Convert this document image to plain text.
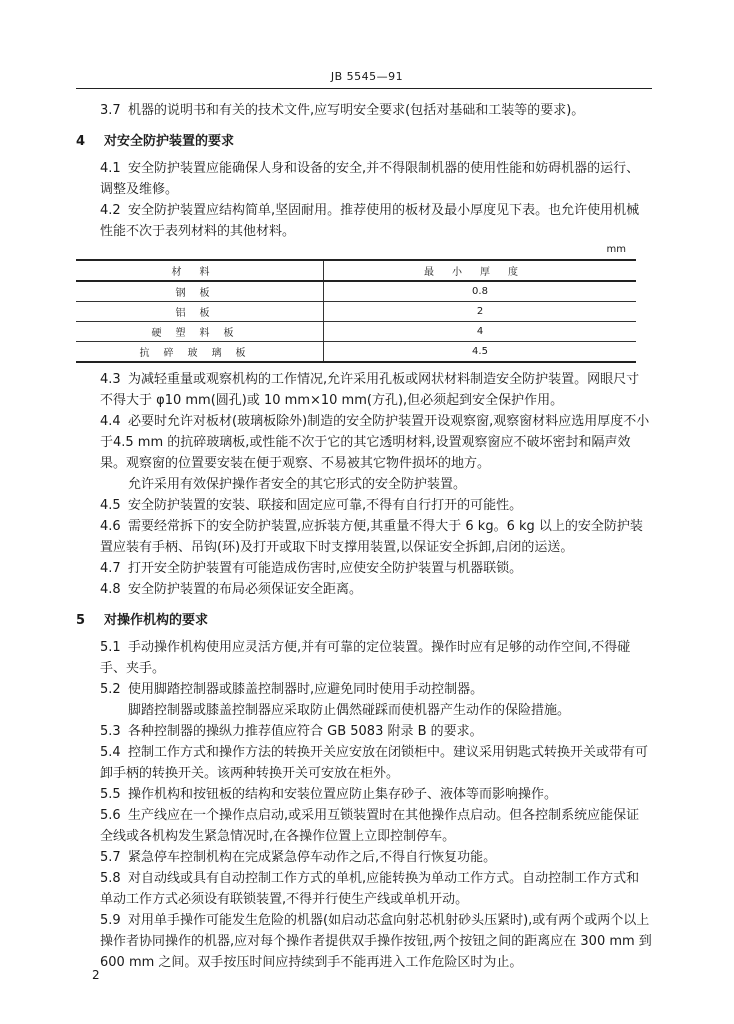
JB 5545—91

3.7 机器的说明书和有关的技术文件,应写明安全要求(包括对基础和工装等的要求)。

4 对安全防护装置的要求

4.1 安全防护装置应能确保人身和设备的安全,并不得限制机器的使用性能和妨碍机器的运行、调整及维修。

4.2 安全防护装置应结构简单,坚固耐用。推荐使用的板材及最小厚度见下表。也允许使用机械性能不次于表列材料的其他材料。

mm
材料	最小厚度
钢板	0.8
铝板	2
硬塑料板	4
抗碎玻璃板	4.5

4.3 为减轻重量或观察机构的工作情况,允许采用孔板或网状材料制造安全防护装置。网眼尺寸不得大于 φ10 mm(圆孔)或 10 mm×10 mm(方孔),但必须起到安全保护作用。

4.4 必要时允许对板材(玻璃板除外)制造的安全防护装置开设观察窗,观察窗材料应选用厚度不小于4.5 mm 的抗碎玻璃板,或性能不次于它的其它透明材料,设置观察窗应不破坏密封和隔声效果。观察窗的位置要安装在便于观察、不易被其它物件损坏的地方。

允许采用有效保护操作者安全的其它形式的安全防护装置。

4.5 安全防护装置的安装、联接和固定应可靠,不得有自行打开的可能性。

4.6 需要经常拆下的安全防护装置,应拆装方便,其重量不得大于 6 kg。6 kg 以上的安全防护装置应装有手柄、吊钩(环)及打开或取下时支撑用装置,以保证安全拆卸,启闭的运送。

4.7 打开安全防护装置有可能造成伤害时,应使安全防护装置与机器联锁。

4.8 安全防护装置的布局必须保证安全距离。

5 对操作机构的要求

5.1 手动操作机构使用应灵活方便,并有可靠的定位装置。操作时应有足够的动作空间,不得碰手、夹手。

5.2 使用脚踏控制器或膝盖控制器时,应避免同时使用手动控制器。

脚踏控制器或膝盖控制器应采取防止偶然碰踩而使机器产生动作的保险措施。

5.3 各种控制器的操纵力推荐值应符合 GB 5083 附录 B 的要求。

5.4 控制工作方式和操作方法的转换开关应安放在闭锁柜中。建议采用钥匙式转换开关或带有可卸手柄的转换开关。该两种转换开关可安放在柜外。

5.5 操作机构和按钮板的结构和安装位置应防止集存砂子、液体等而影响操作。

5.6 生产线应在一个操作点启动,或采用互锁装置时在其他操作点启动。但各控制系统应能保证全线或各机构发生紧急情况时,在各操作位置上立即控制停车。

5.7 紧急停车控制机构在完成紧急停车动作之后,不得自行恢复功能。

5.8 对自动线或具有自动控制工作方式的单机,应能转换为单动工作方式。自动控制工作方式和单动工作方式必须设有联锁装置,不得并行使生产线或单机开动。

5.9 对用单手操作可能发生危险的机器(如启动芯盒向射芯机射砂头压紧时),或有两个或两个以上操作者协同操作的机器,应对每个操作者提供双手操作按钮,两个按钮之间的距离应在 300 mm 到 600 mm 之间。双手按压时间应持续到手不能再进入工作危险区时为止。

2
